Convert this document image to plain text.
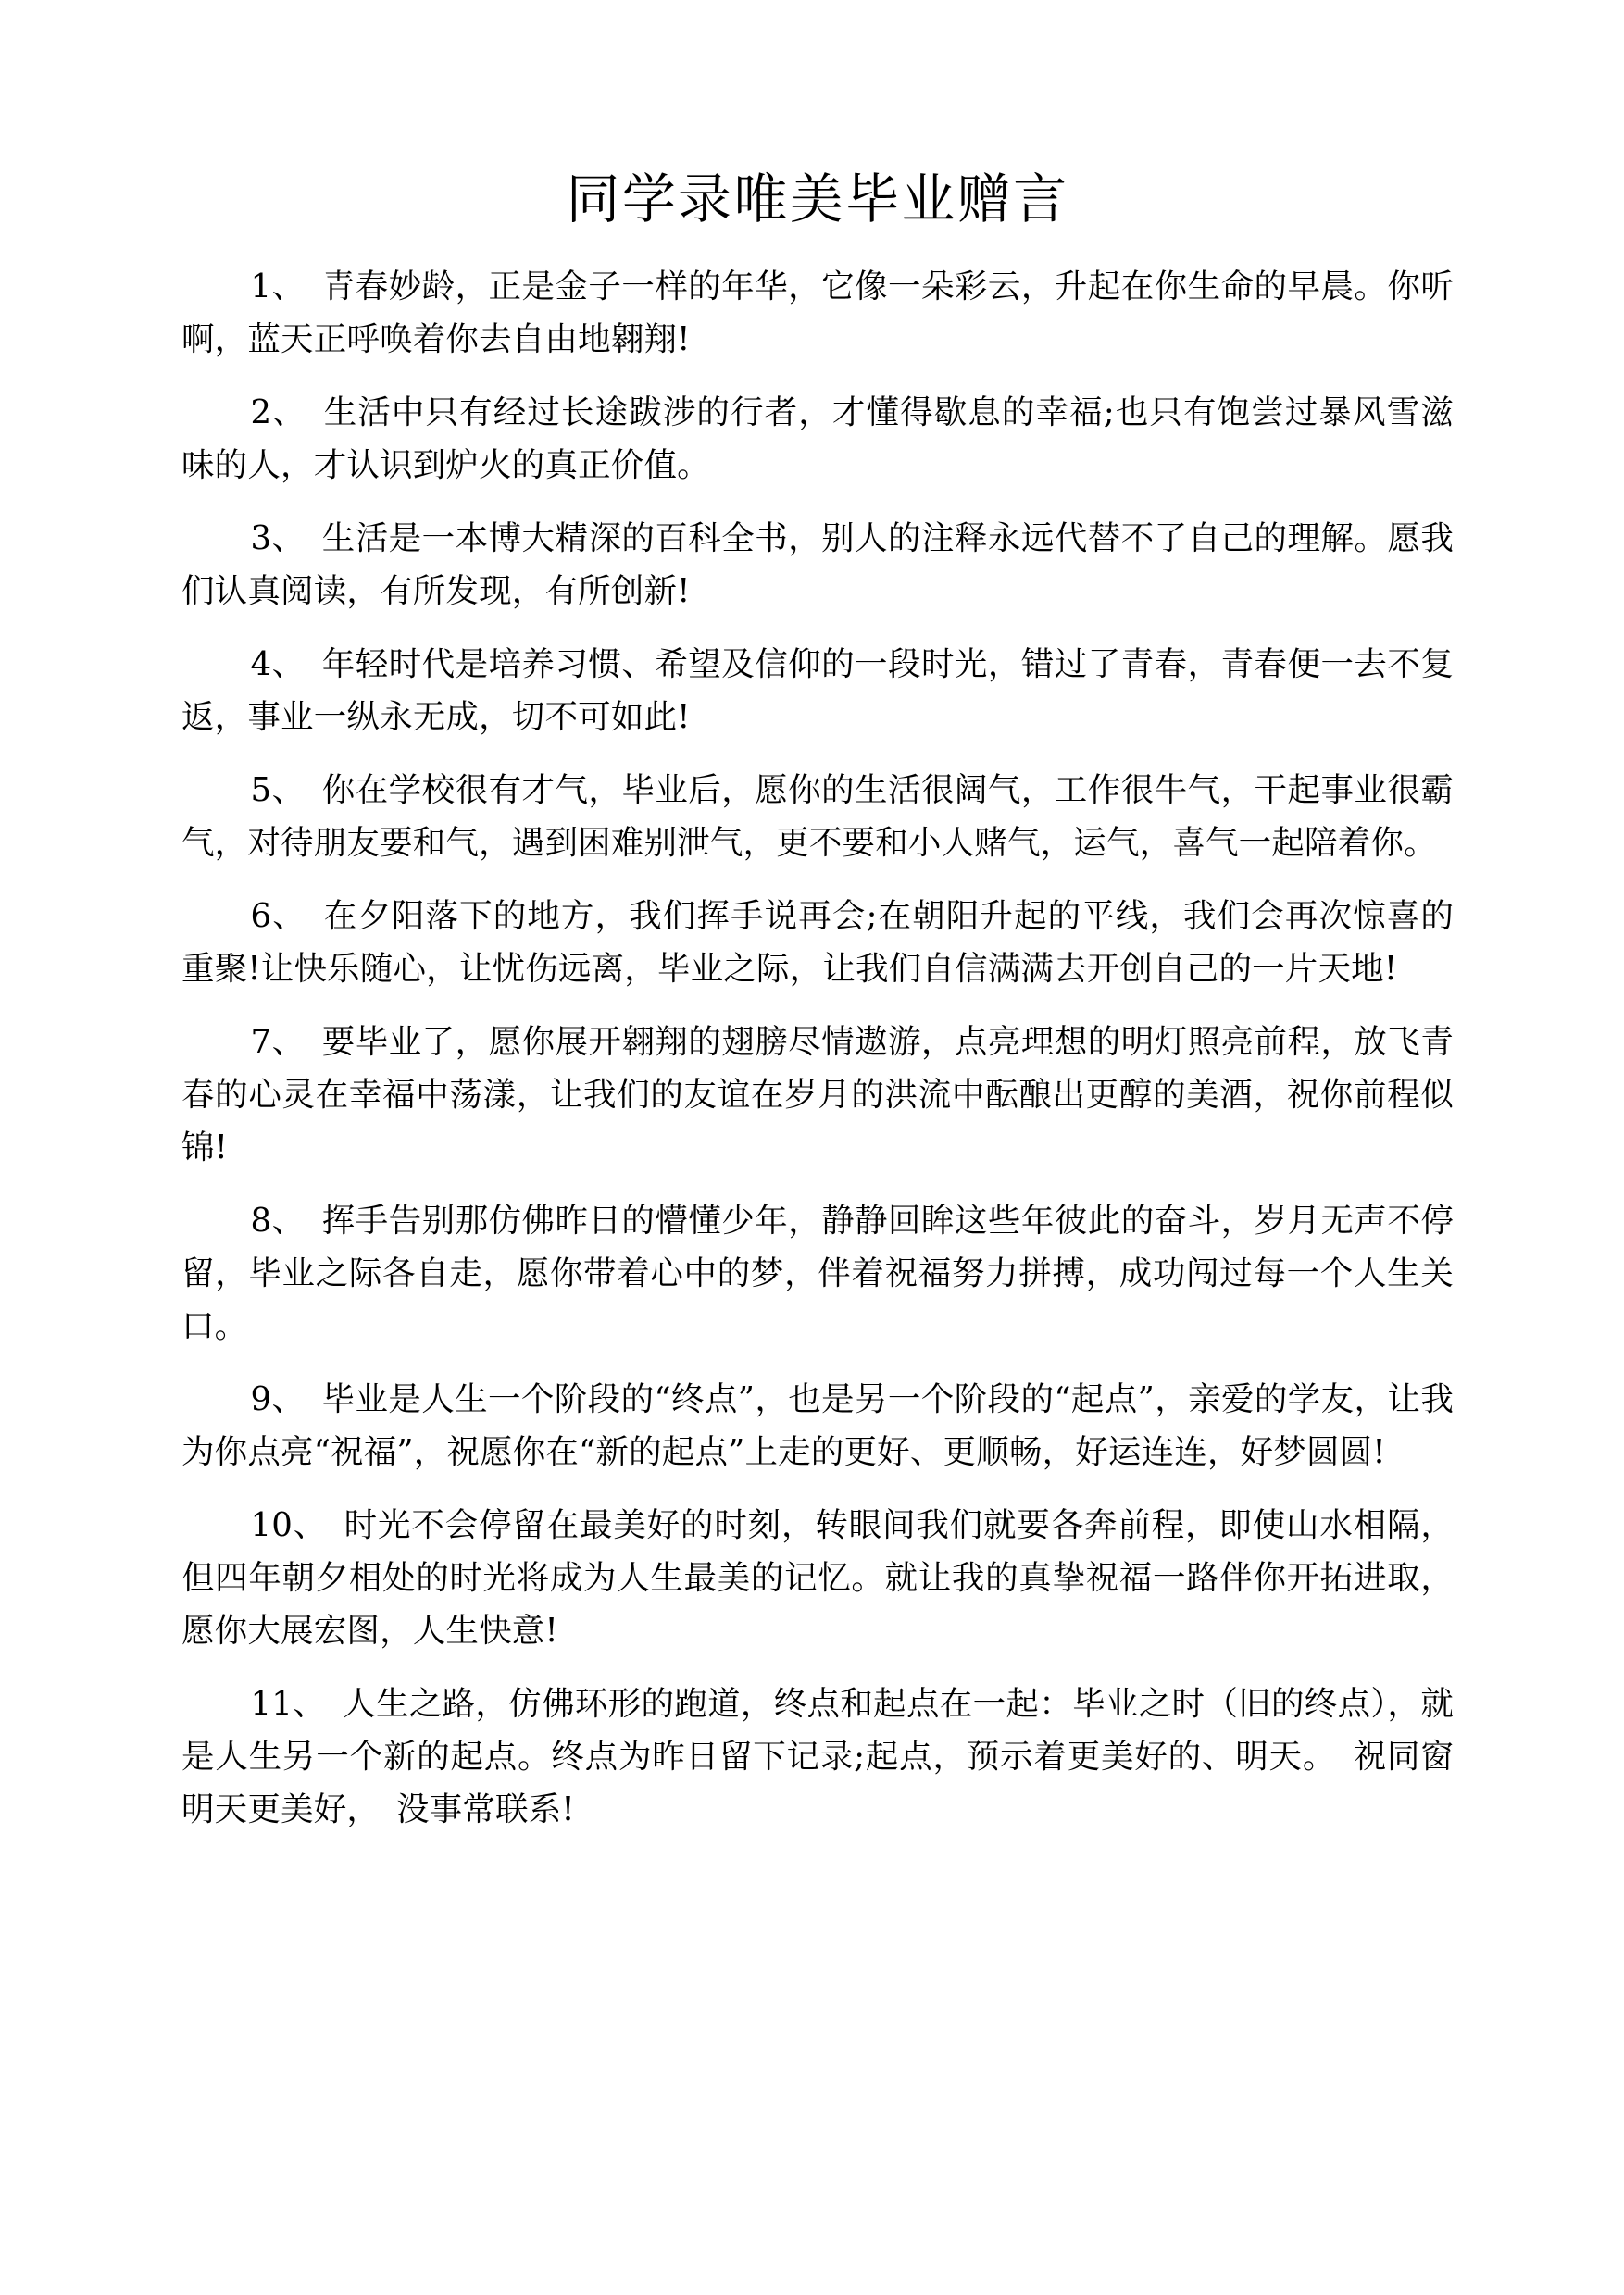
同学录唯美毕业赠言

1、　青春妙龄，正是金子一样的年华，它像一朵彩云，升起在你生命的早晨。你听啊，蓝天正呼唤着你去自由地翱翔!

2、　生活中只有经过长途跋涉的行者，才懂得歇息的幸福;也只有饱尝过暴风雪滋味的人，才认识到炉火的真正价值。

3、　生活是一本博大精深的百科全书，别人的注释永远代替不了自己的理解。愿我们认真阅读，有所发现，有所创新!

4、　年轻时代是培养习惯、希望及信仰的一段时光，错过了青春，青春便一去不复返，事业一纵永无成，切不可如此!

5、　你在学校很有才气，毕业后，愿你的生活很阔气，工作很牛气，干起事业很霸气，对待朋友要和气，遇到困难别泄气，更不要和小人赌气，运气，喜气一起陪着你。

6、　在夕阳落下的地方，我们挥手说再会;在朝阳升起的平线，我们会再次惊喜的重聚!让快乐随心，让忧伤远离，毕业之际，让我们自信满满去开创自己的一片天地!

7、　要毕业了，愿你展开翱翔的翅膀尽情遨游，点亮理想的明灯照亮前程，放飞青春的心灵在幸福中荡漾，让我们的友谊在岁月的洪流中酝酿出更醇的美酒，祝你前程似锦!

8、　挥手告别那仿佛昨日的懵懂少年，静静回眸这些年彼此的奋斗，岁月无声不停留，毕业之际各自走，愿你带着心中的梦，伴着祝福努力拼搏，成功闯过每一个人生关口。

9、　毕业是人生一个阶段的“终点”，也是另一个阶段的“起点”，亲爱的学友，让我为你点亮“祝福”，祝愿你在“新的起点”上走的更好、更顺畅，好运连连，好梦圆圆!

10、　时光不会停留在最美好的时刻，转眼间我们就要各奔前程，即使山水相隔，但四年朝夕相处的时光将成为人生最美的记忆。就让我的真挚祝福一路伴你开拓进取，愿你大展宏图，人生快意!

11、　人生之路，仿佛环形的跑道，终点和起点在一起：毕业之时（旧的终点），就是人生另一个新的起点。终点为昨日留下记录;起点，预示着更美好的、明天。　祝同窗明天更美好，　没事常联系!
